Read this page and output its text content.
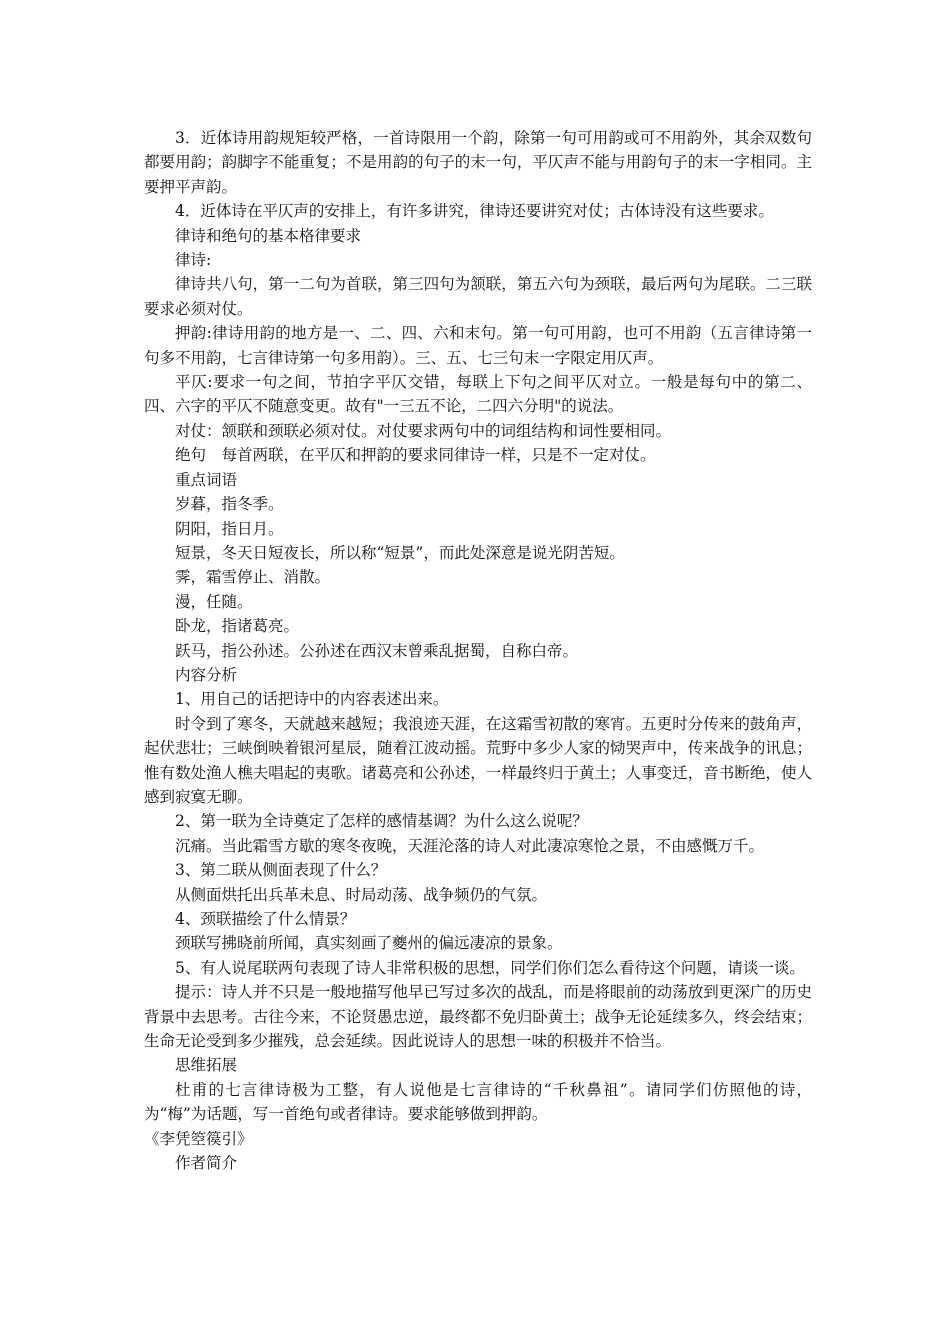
3．近体诗用韵规矩较严格，一首诗限用一个韵，除第一句可用韵或可不用韵外，其余双数句都要用韵；韵脚字不能重复；不是用韵的句子的末一句，平仄声不能与用韵句子的末一字相同。主要押平声韵。

4．近体诗在平仄声的安排上，有许多讲究，律诗还要讲究对仗；古体诗没有这些要求。

律诗和绝句的基本格律要求

律诗:

律诗共八句，第一二句为首联，第三四句为颔联，第五六句为颈联，最后两句为尾联。二三联要求必须对仗。

押韵:律诗用韵的地方是一、二、四、六和末句。第一句可用韵，也可不用韵（五言律诗第一句多不用韵，七言律诗第一句多用韵）。三、五、七三句末一字限定用仄声。

平仄:要求一句之间，节拍字平仄交错，每联上下句之间平仄对立。一般是每句中的第二、四、六字的平仄不随意变更。故有"一三五不论，二四六分明"的说法。

对仗：颔联和颈联必须对仗。对仗要求两句中的词组结构和词性要相同。

绝句　每首两联，在平仄和押韵的要求同律诗一样，只是不一定对仗。

重点词语

岁暮，指冬季。

阴阳，指日月。

短景，冬天日短夜长，所以称“短景”，而此处深意是说光阴苦短。

霁，霜雪停止、消散。

漫，任随。

卧龙，指诸葛亮。

跃马，指公孙述。公孙述在西汉末曾乘乱据蜀，自称白帝。

内容分析

1、用自己的话把诗中的内容表述出来。

时令到了寒冬，天就越来越短；我浪迹天涯，在这霜雪初散的寒宵。五更时分传来的鼓角声，起伏悲壮；三峡倒映着银河星辰，随着江波动摇。荒野中多少人家的恸哭声中，传来战争的讯息；惟有数处渔人樵夫唱起的夷歌。诸葛亮和公孙述，一样最终归于黄土；人事变迁，音书断绝，使人感到寂寞无聊。

2、第一联为全诗奠定了怎样的感情基调？为什么这么说呢？

沉痛。当此霜雪方歇的寒冬夜晚，天涯沦落的诗人对此凄凉寒怆之景，不由感慨万千。

3、第二联从侧面表现了什么？

从侧面烘托出兵革未息、时局动荡、战争频仍的气氛。

4、颈联描绘了什么情景？

颈联写拂晓前所闻，真实刻画了夔州的偏远凄凉的景象。

5、有人说尾联两句表现了诗人非常积极的思想，同学们你们怎么看待这个问题，请谈一谈。

提示：诗人并不只是一般地描写他早已写过多次的战乱，而是将眼前的动荡放到更深广的历史背景中去思考。古往今来，不论贤愚忠逆，最终都不免归卧黄土；战争无论延续多久，终会结束；生命无论受到多少摧残，总会延续。因此说诗人的思想一味的积极并不恰当。

思维拓展

杜甫的七言律诗极为工整，有人说他是七言律诗的“千秋鼻祖”。请同学们仿照他的诗，为“梅”为话题，写一首绝句或者律诗。要求能够做到押韵。

《李凭箜篌引》

作者简介
